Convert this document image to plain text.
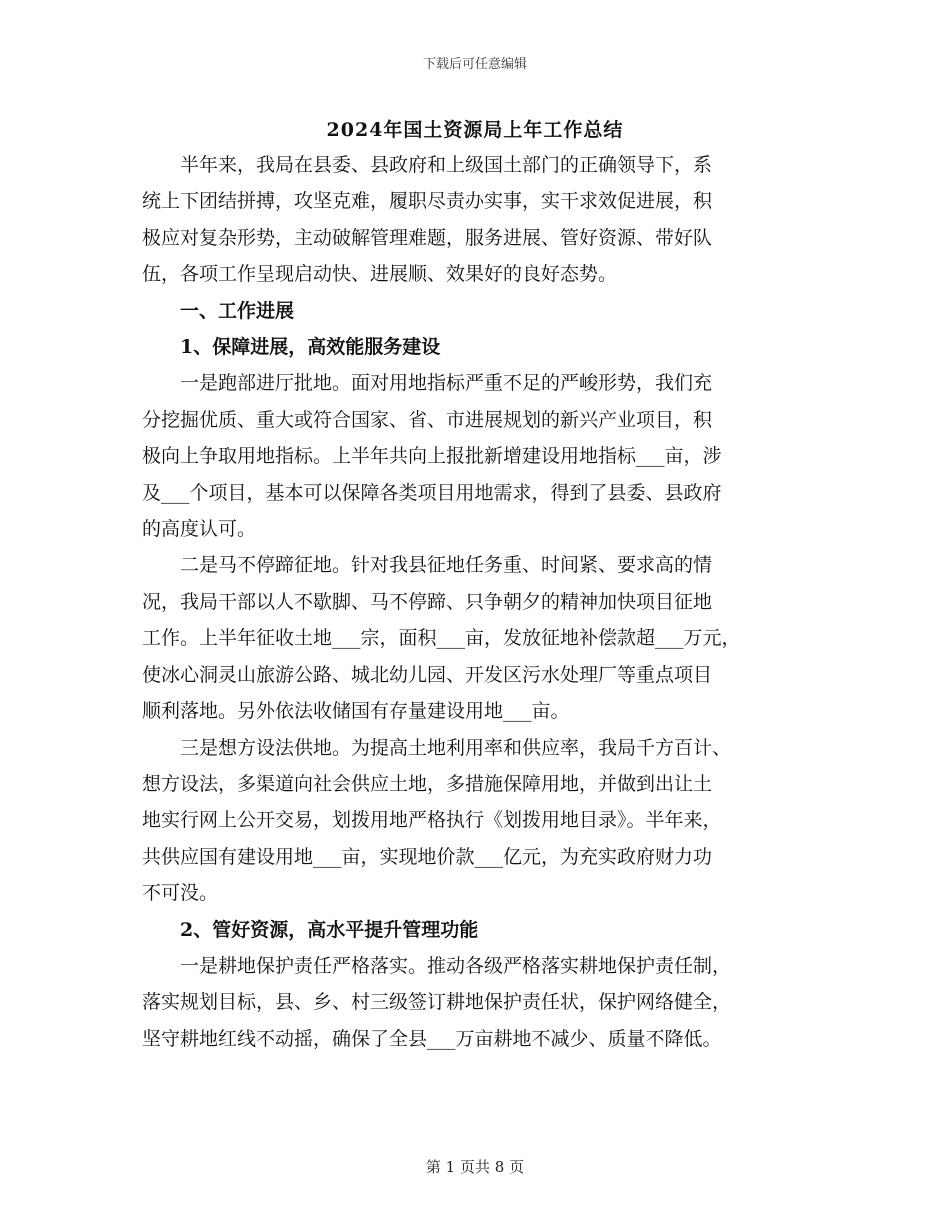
下载后可任意编辑
2024年国土资源局上年工作总结
半年来，我局在县委、县政府和上级国土部门的正确领导下，系
统上下团结拼搏，攻坚克难，履职尽责办实事，实干求效促进展，积
极应对复杂形势，主动破解管理难题，服务进展、管好资源、带好队
伍，各项工作呈现启动快、进展顺、效果好的良好态势。
一、工作进展
1、保障进展，高效能服务建设
一是跑部进厅批地。面对用地指标严重不足的严峻形势，我们充
分挖掘优质、重大或符合国家、省、市进展规划的新兴产业项目，积
极向上争取用地指标。上半年共向上报批新增建设用地指标___亩，涉
及___个项目，基本可以保障各类项目用地需求，得到了县委、县政府
的高度认可。
二是马不停蹄征地。针对我县征地任务重、时间紧、要求高的情
况，我局干部以人不歇脚、马不停蹄、只争朝夕的精神加快项目征地
工作。上半年征收土地___宗，面积___亩，发放征地补偿款超___万元，
使冰心洞灵山旅游公路、城北幼儿园、开发区污水处理厂等重点项目
顺利落地。另外依法收储国有存量建设用地___亩。
三是想方设法供地。为提高土地利用率和供应率，我局千方百计、
想方设法，多渠道向社会供应土地，多措施保障用地，并做到出让土
地实行网上公开交易，划拨用地严格执行《划拨用地目录》。半年来，
共供应国有建设用地___亩，实现地价款___亿元，为充实政府财力功
不可没。
2、管好资源，高水平提升管理功能
一是耕地保护责任严格落实。推动各级严格落实耕地保护责任制，
落实规划目标，县、乡、村三级签订耕地保护责任状，保护网络健全，
坚守耕地红线不动摇，确保了全县___万亩耕地不减少、质量不降低。
第 1 页共 8 页
